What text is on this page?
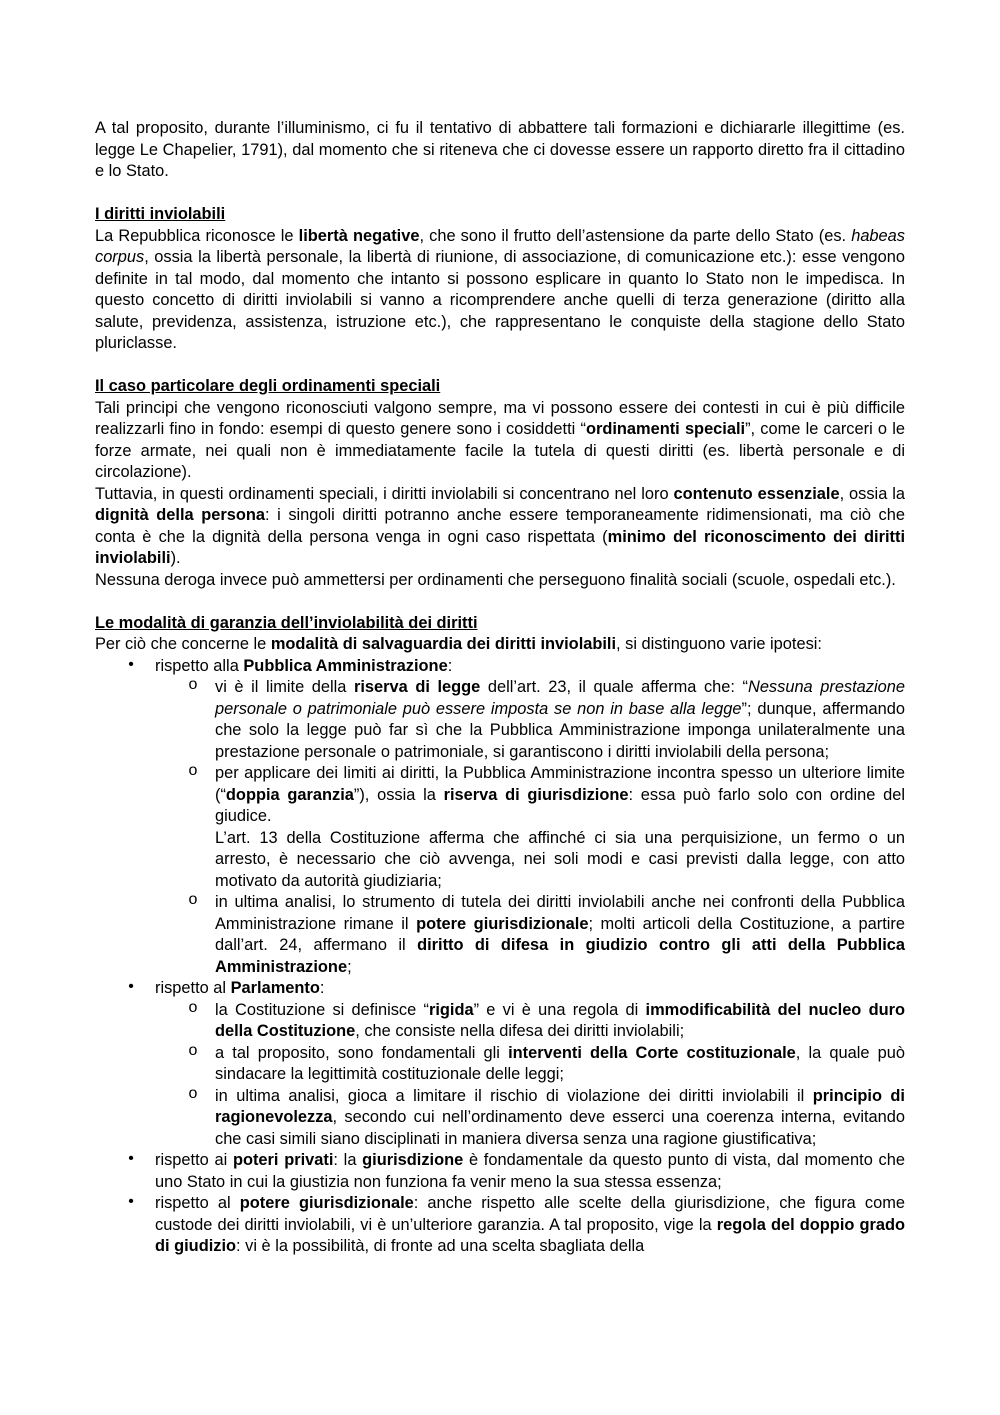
A tal proposito, durante l’illuminismo, ci fu il tentativo di abbattere tali formazioni e dichiararle illegittime (es. legge Le Chapelier, 1791), dal momento che si riteneva che ci dovesse essere un rapporto diretto fra il cittadino e lo Stato.

I diritti inviolabili

La Repubblica riconosce le libertà negative, che sono il frutto dell’astensione da parte dello Stato (es. habeas corpus, ossia la libertà personale, la libertà di riunione, di associazione, di comunicazione etc.): esse vengono definite in tal modo, dal momento che intanto si possono esplicare in quanto lo Stato non le impedisca. In questo concetto di diritti inviolabili si vanno a ricomprendere anche quelli di terza generazione (diritto alla salute, previdenza, assistenza, istruzione etc.), che rappresentano le conquiste della stagione dello Stato pluriclasse.

Il caso particolare degli ordinamenti speciali

Tali principi che vengono riconosciuti valgono sempre, ma vi possono essere dei contesti in cui è più difficile realizzarli fino in fondo: esempi di questo genere sono i cosiddetti “ordinamenti speciali”, come le carceri o le forze armate, nei quali non è immediatamente facile la tutela di questi diritti (es. libertà personale e di circolazione).

Tuttavia, in questi ordinamenti speciali, i diritti inviolabili si concentrano nel loro contenuto essenziale, ossia la dignità della persona: i singoli diritti potranno anche essere temporaneamente ridimensionati, ma ciò che conta è che la dignità della persona venga in ogni caso rispettata (minimo del riconoscimento dei diritti inviolabili).

Nessuna deroga invece può ammettersi per ordinamenti che perseguono finalità sociali (scuole, ospedali etc.).

Le modalità di garanzia dell’inviolabilità dei diritti

Per ciò che concerne le modalità di salvaguardia dei diritti inviolabili, si distinguono varie ipotesi:

• rispetto alla Pubblica Amministrazione:
o vi è il limite della riserva di legge dell’art. 23, il quale afferma che: “Nessuna prestazione personale o patrimoniale può essere imposta se non in base alla legge”; dunque, affermando che solo la legge può far sì che la Pubblica Amministrazione imponga unilateralmente una prestazione personale o patrimoniale, si garantiscono i diritti inviolabili della persona;
o per applicare dei limiti ai diritti, la Pubblica Amministrazione incontra spesso un ulteriore limite (“doppia garanzia”), ossia la riserva di giurisdizione: essa può farlo solo con ordine del giudice.
L’art. 13 della Costituzione afferma che affinché ci sia una perquisizione, un fermo o un arresto, è necessario che ciò avvenga, nei soli modi e casi previsti dalla legge, con atto motivato da autorità giudiziaria;
o in ultima analisi, lo strumento di tutela dei diritti inviolabili anche nei confronti della Pubblica Amministrazione rimane il potere giurisdizionale; molti articoli della Costituzione, a partire dall’art. 24, affermano il diritto di difesa in giudizio contro gli atti della Pubblica Amministrazione;
• rispetto al Parlamento:
o la Costituzione si definisce “rigida” e vi è una regola di immodificabilità del nucleo duro della Costituzione, che consiste nella difesa dei diritti inviolabili;
o a tal proposito, sono fondamentali gli interventi della Corte costituzionale, la quale può sindacare la legittimità costituzionale delle leggi;
o in ultima analisi, gioca a limitare il rischio di violazione dei diritti inviolabili il principio di ragionevolezza, secondo cui nell’ordinamento deve esserci una coerenza interna, evitando che casi simili siano disciplinati in maniera diversa senza una ragione giustificativa;
• rispetto ai poteri privati: la giurisdizione è fondamentale da questo punto di vista, dal momento che uno Stato in cui la giustizia non funziona fa venir meno la sua stessa essenza;
• rispetto al potere giurisdizionale: anche rispetto alle scelte della giurisdizione, che figura come custode dei diritti inviolabili, vi è un’ulteriore garanzia. A tal proposito, vige la regola del doppio grado di giudizio: vi è la possibilità, di fronte ad una scelta sbagliata della
